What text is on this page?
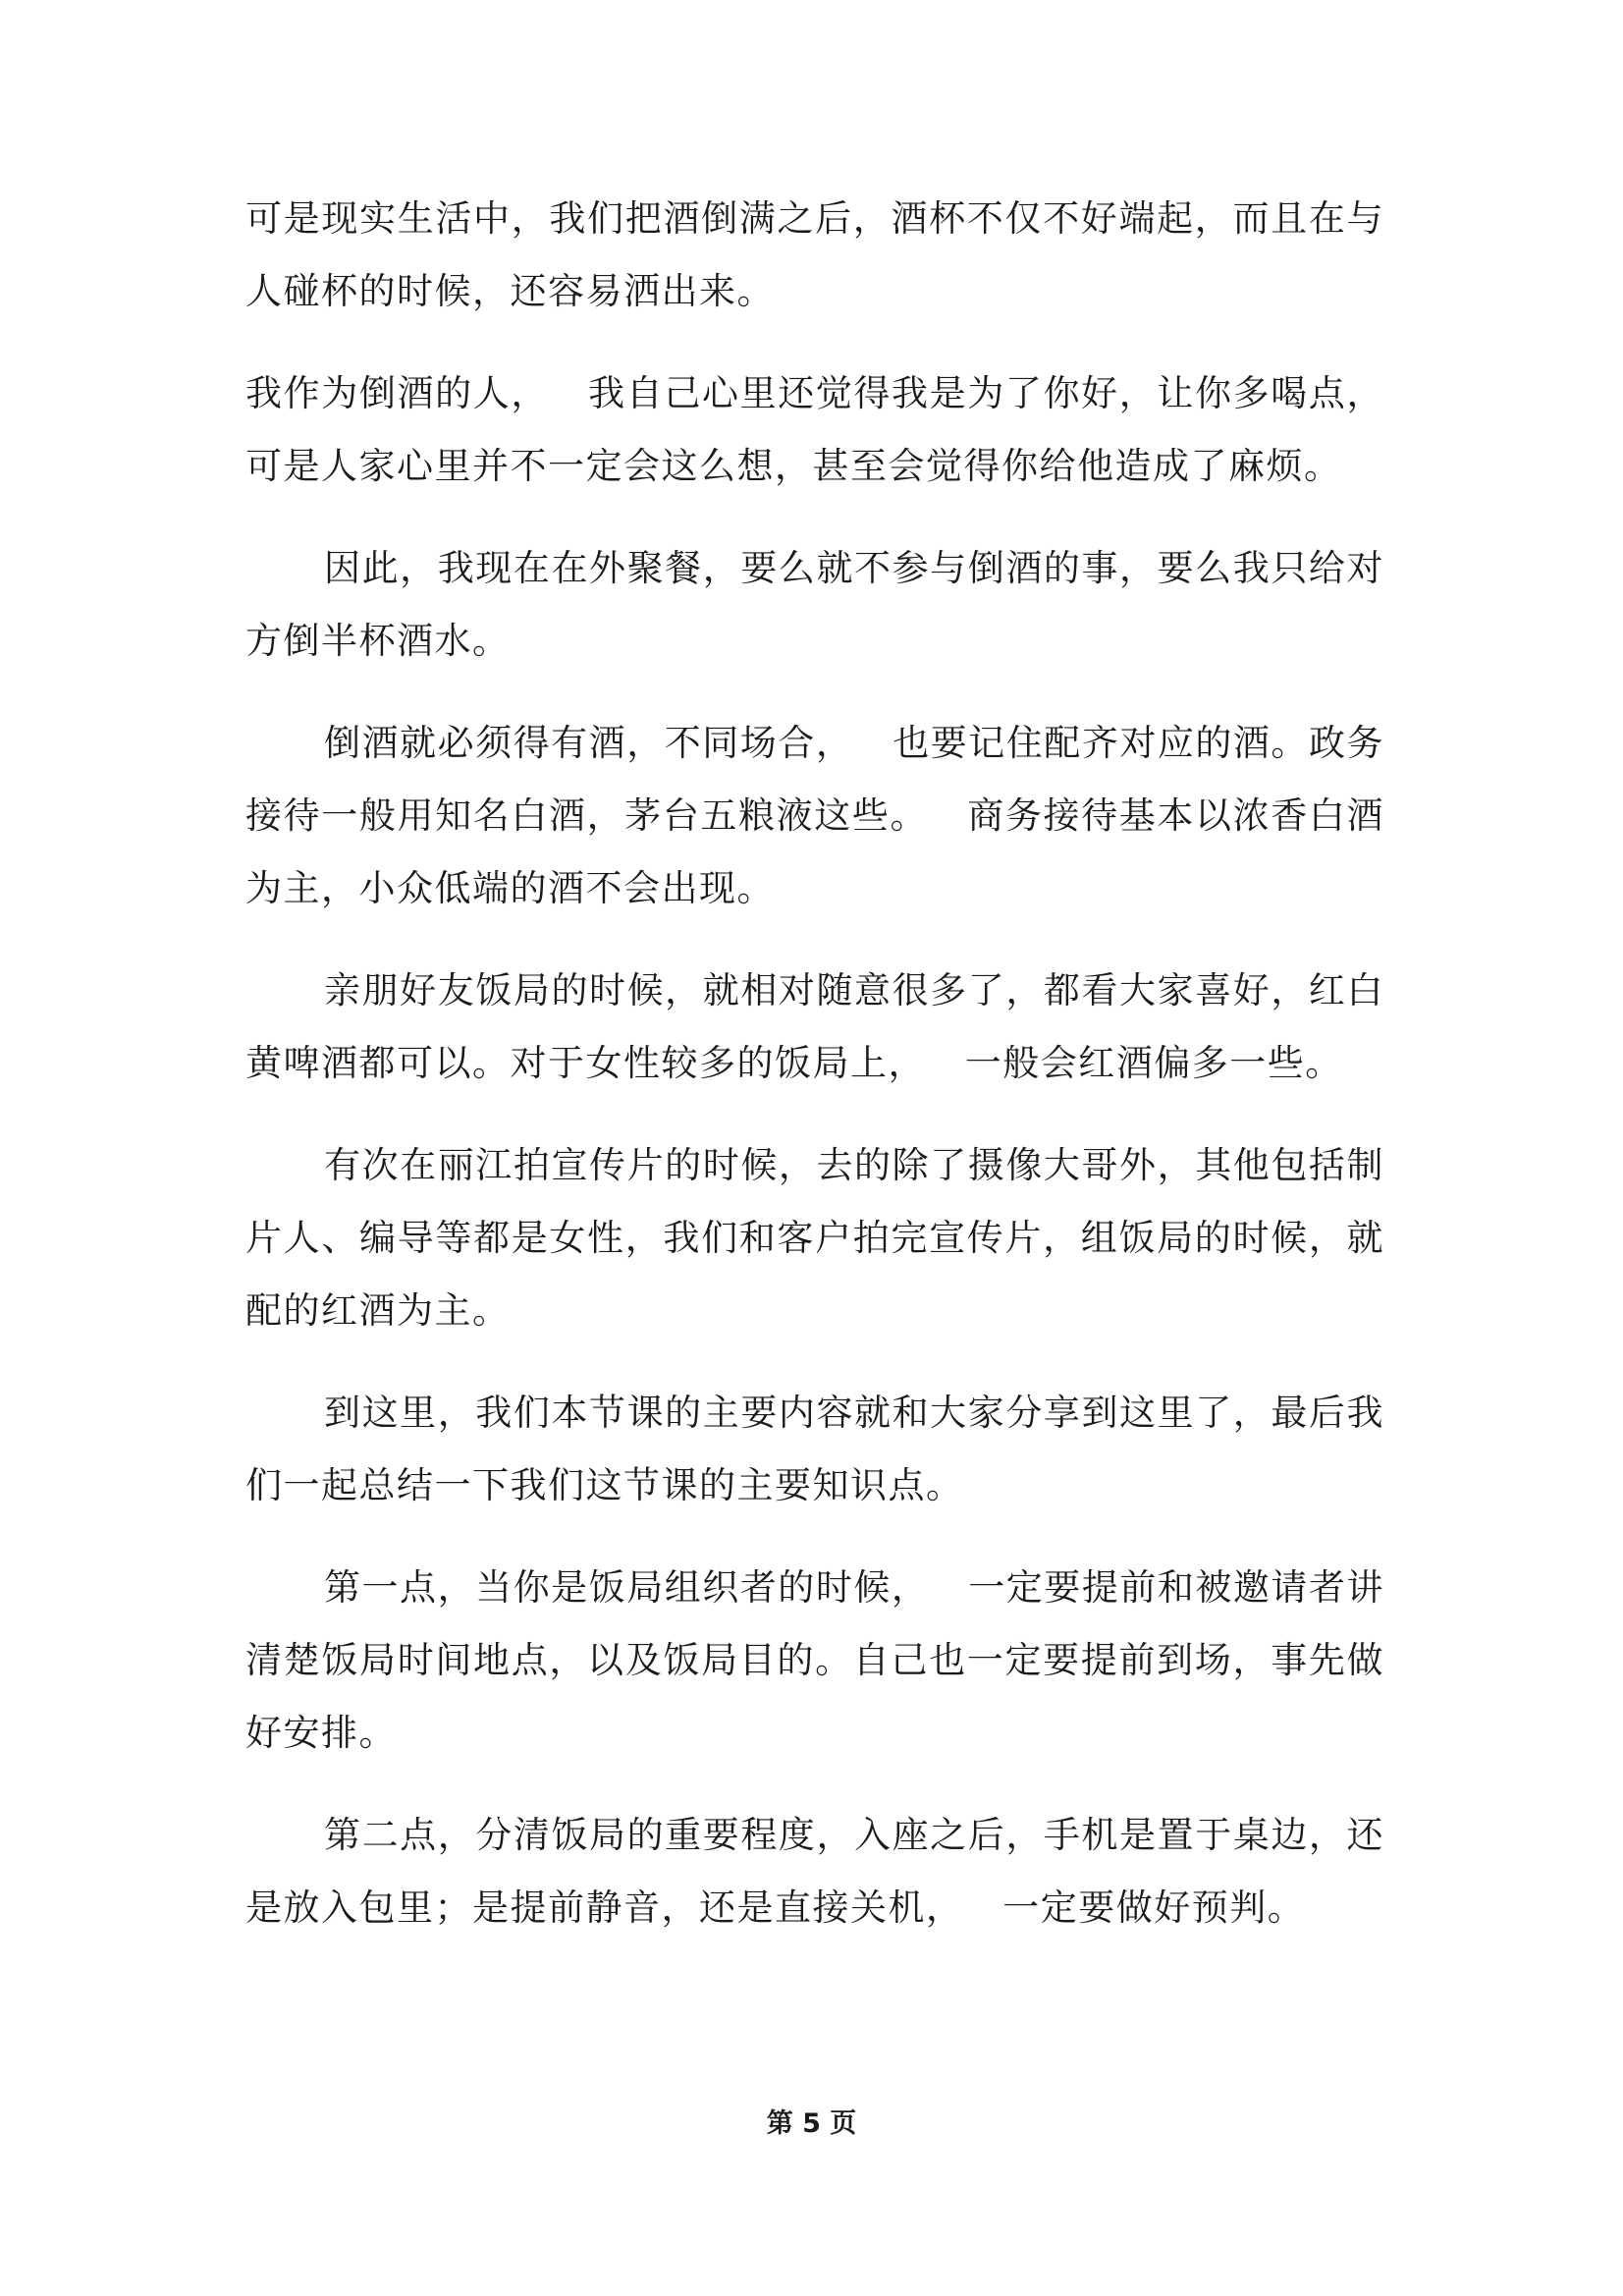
可是现实生活中，我们把酒倒满之后，酒杯不仅不好端起，而且在与人碰杯的时候，还容易洒出来。

我作为倒酒的人，   我自己心里还觉得我是为了你好，让你多喝点，可是人家心里并不一定会这么想，甚至会觉得你给他造成了麻烦。

因此，我现在在外聚餐，要么就不参与倒酒的事，要么我只给对方倒半杯酒水。

倒酒就必须得有酒，不同场合，   也要记住配齐对应的酒。政务接待一般用知名白酒，茅台五粮液这些。   商务接待基本以浓香白酒为主，小众低端的酒不会出现。

亲朋好友饭局的时候，就相对随意很多了，都看大家喜好，红白黄啤酒都可以。对于女性较多的饭局上，   一般会红酒偏多一些。

有次在丽江拍宣传片的时候，去的除了摄像大哥外，其他包括制片人、编导等都是女性，我们和客户拍完宣传片，组饭局的时候，就配的红酒为主。

到这里，我们本节课的主要内容就和大家分享到这里了，最后我们一起总结一下我们这节课的主要知识点。

第一点，当你是饭局组织者的时候，   一定要提前和被邀请者讲清楚饭局时间地点，以及饭局目的。自己也一定要提前到场，事先做好安排。

第二点，分清饭局的重要程度，入座之后，手机是置于桌边，还是放入包里；是提前静音，还是直接关机，   一定要做好预判。

第 5 页
